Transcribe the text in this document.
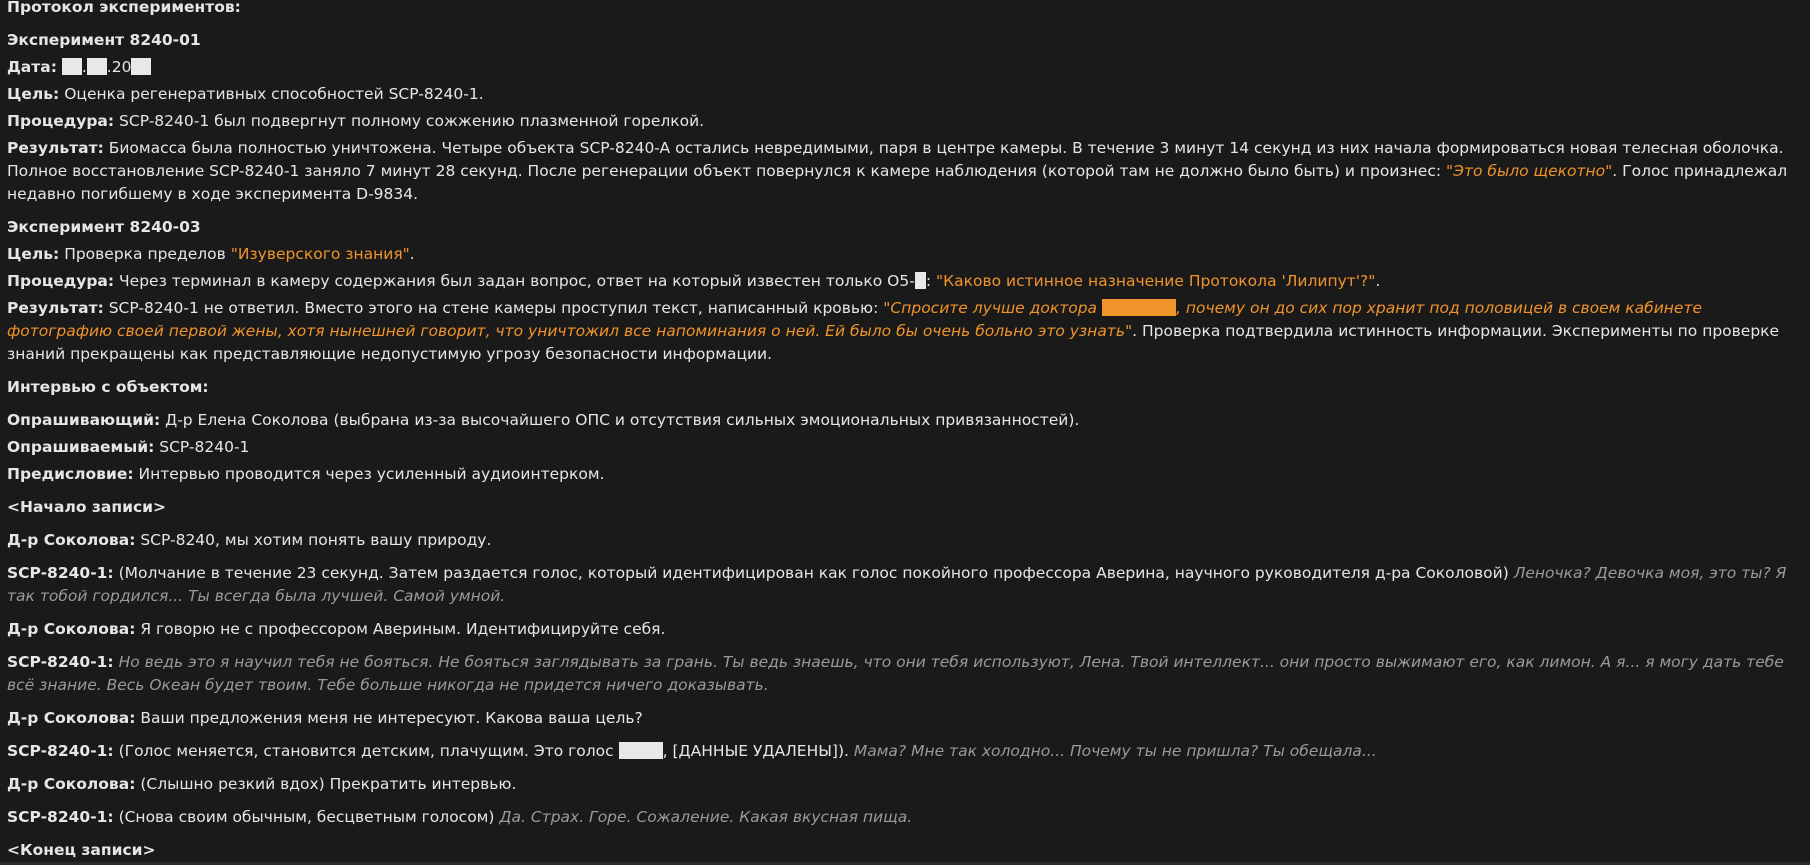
Протокол экспериментов:

Эксперимент 8240-01

Дата: . .20

Цель: Оценка регенеративных способностей SCP-8240-1.

Процедура: SCP-8240-1 был подвергнут полному сожжению плазменной горелкой.

Результат: Биомасса была полностью уничтожена. Четыре объекта SCP-8240-A остались невредимыми, паря в центре камеры. В течение 3 минут 14 секунд из них начала формироваться новая телесная оболочка. Полное восстановление SCP-8240-1 заняло 7 минут 28 секунд. После регенерации объект повернулся к камере наблюдения (которой там не должно было быть) и произнес: "Это было щекотно". Голос принадлежал недавно погибшему в ходе эксперимента D-9834.

Эксперимент 8240-03

Цель: Проверка пределов "Изуверского знания".

Процедура: Через терминал в камеру содержания был задан вопрос, ответ на который известен только O5- : "Каково истинное назначение Протокола 'Лилипут'?".

Результат: SCP-8240-1 не ответил. Вместо этого на стене камеры проступил текст, написанный кровью: "Спросите лучше доктора	, почему он до сих пор хранит под половицей в своем кабинете фотографию своей первой жены, хотя нынешней говорит, что уничтожил все напоминания о ней. Ей было бы очень больно это узнать". Проверка подтвердила истинность информации. Эксперименты по проверке знаний прекращены как представляющие недопустимую угрозу безопасности информации.

Интервью с объектом:

Опрашивающий: Д-р Елена Соколова (выбрана из-за высочайшего ОПС и отсутствия сильных эмоциональных привязанностей).

Опрашиваемый: SCP-8240-1

Предисловие: Интервью проводится через усиленный аудиоинтерком.

<Начало записи>

Д-р Соколова: SCP-8240, мы хотим понять вашу природу.

SCP-8240-1: (Молчание в течение 23 секунд. Затем раздается голос, который идентифицирован как голос покойного профессора Аверина, научного руководителя д-ра Соколовой) Леночка? Девочка моя, это ты? Я так тобой гордился... Ты всегда была лучшей. Самой умной.

Д-р Соколова: Я говорю не с профессором Авериным. Идентифицируйте себя.

SCP-8240-1: Но ведь это я научил тебя не бояться. Не бояться заглядывать за грань. Ты ведь знаешь, что они тебя используют, Лена. Твой интеллект... они просто выжимают его, как лимон. А я... я могу дать тебе всё знание. Весь Океан будет твоим. Тебе больше никогда не придется ничего доказывать.

Д-р Соколова: Ваши предложения меня не интересуют. Какова ваша цель?

SCP-8240-1: (Голос меняется, становится детским, плачущим. Это голос	, [ДАННЫЕ УДАЛЕНЫ]). Мама? Мне так холодно... Почему ты не пришла? Ты обещала...

Д-р Соколова: (Слышно резкий вдох) Прекратить интервью.

SCP-8240-1: (Снова своим обычным, бесцветным голосом) Да. Страх. Горе. Сожаление. Какая вкусная пища.

<Конец записи>
